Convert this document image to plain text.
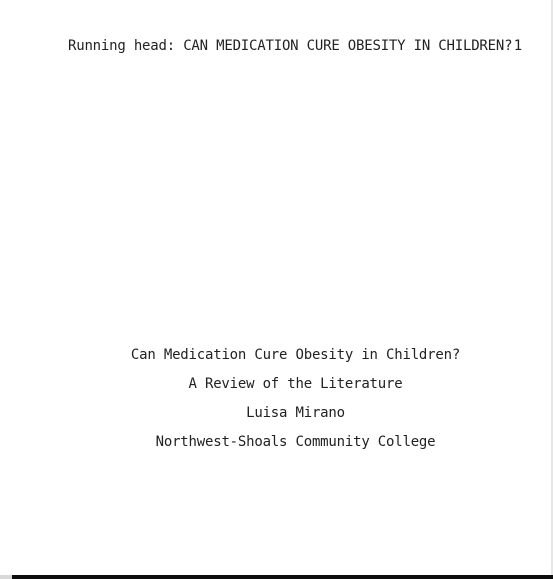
Running head: CAN MEDICATION CURE OBESITY IN CHILDREN? 1
Can Medication Cure Obesity in Children?
A Review of the Literature
Luisa Mirano
Northwest-Shoals Community College
